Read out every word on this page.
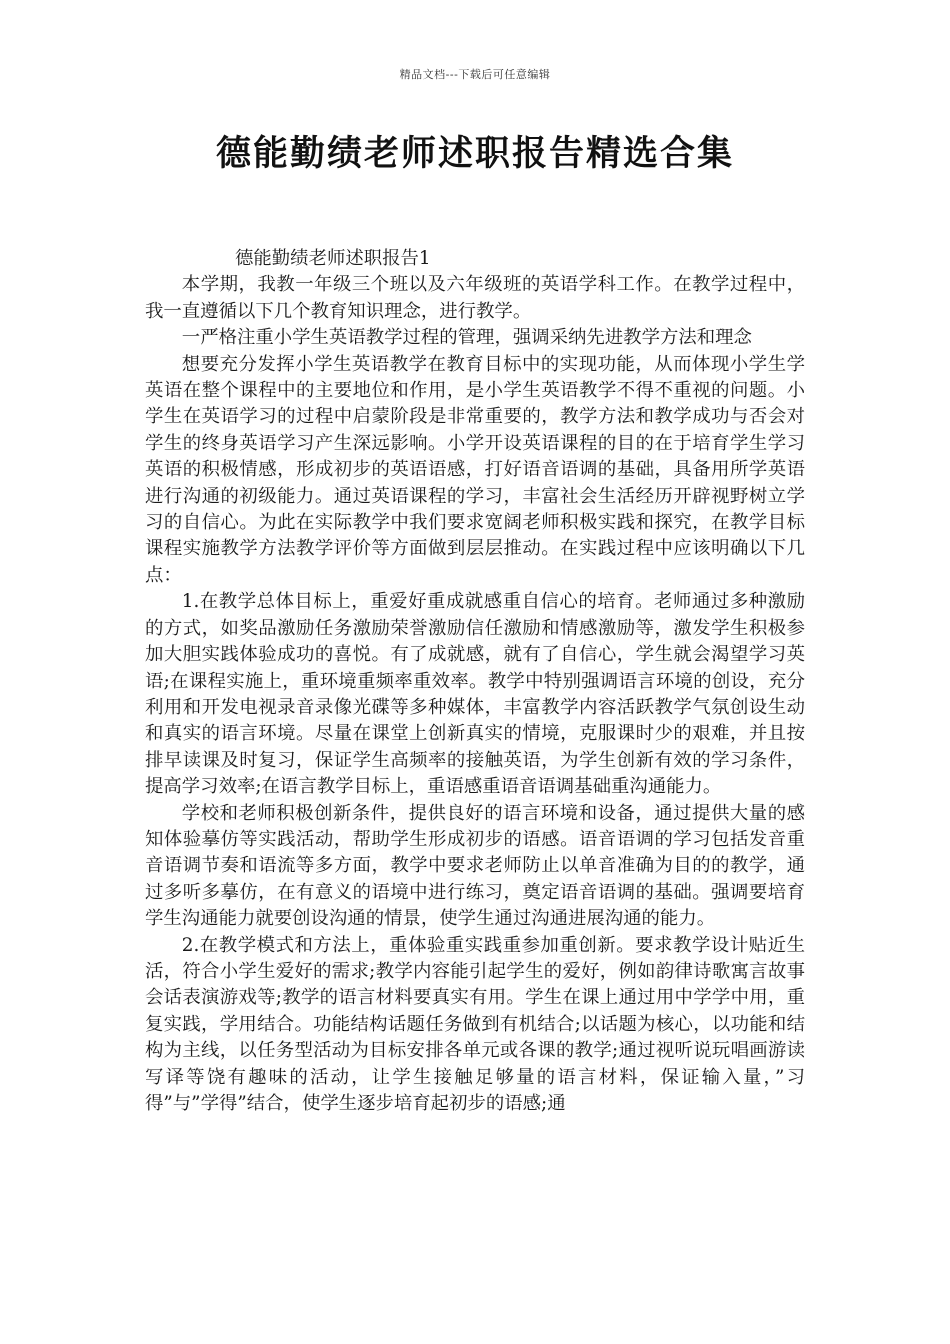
精品文档---下载后可任意编辑
德能勤绩老师述职报告精选合集

德能勤绩老师述职报告1

本学期，我教一年级三个班以及六年级班的英语学科工作。在教学过程中，我一直遵循以下几个教育知识理念，进行教学。

一严格注重小学生英语教学过程的管理，强调采纳先进教学方法和理念

想要充分发挥小学生英语教学在教育目标中的实现功能，从而体现小学生学英语在整个课程中的主要地位和作用，是小学生英语教学不得不重视的问题。小学生在英语学习的过程中启蒙阶段是非常重要的，教学方法和教学成功与否会对学生的终身英语学习产生深远影响。小学开设英语课程的目的在于培育学生学习英语的积极情感，形成初步的英语语感，打好语音语调的基础，具备用所学英语进行沟通的初级能力。通过英语课程的学习，丰富社会生活经历开辟视野树立学习的自信心。为此在实际教学中我们要求宽阔老师积极实践和探究，在教学目标课程实施教学方法教学评价等方面做到层层推动。在实践过程中应该明确以下几点：

1.在教学总体目标上，重爱好重成就感重自信心的培育。老师通过多种激励的方式，如奖品激励任务激励荣誉激励信任激励和情感激励等，激发学生积极参加大胆实践体验成功的喜悦。有了成就感，就有了自信心，学生就会渴望学习英语;在课程实施上，重环境重频率重效率。教学中特别强调语言环境的创设，充分利用和开发电视录音录像光碟等多种媒体，丰富教学内容活跃教学气氛创设生动和真实的语言环境。尽量在课堂上创新真实的情境，克服课时少的艰难，并且按排早读课及时复习，保证学生高频率的接触英语，为学生创新有效的学习条件，提高学习效率;在语言教学目标上，重语感重语音语调基础重沟通能力。

学校和老师积极创新条件，提供良好的语言环境和设备，通过提供大量的感知体验摹仿等实践活动，帮助学生形成初步的语感。语音语调的学习包括发音重音语调节奏和语流等多方面，教学中要求老师防止以单音准确为目的的教学，通过多听多摹仿，在有意义的语境中进行练习，奠定语音语调的基础。强调要培育学生沟通能力就要创设沟通的情景，使学生通过沟通进展沟通的能力。

2.在教学模式和方法上，重体验重实践重参加重创新。要求教学设计贴近生活，符合小学生爱好的需求;教学内容能引起学生的爱好，例如韵律诗歌寓言故事会话表演游戏等;教学的语言材料要真实有用。学生在课上通过用中学学中用，重复实践，学用结合。功能结构话题任务做到有机结合;以话题为核心，以功能和结构为主线，以任务型活动为目标安排各单元或各课的教学;通过视听说玩唱画游读写译等饶有趣味的活动，让学生接触足够量的语言材料，保证输入量，”习得”与”学得”结合，使学生逐步培育起初步的语感;通
